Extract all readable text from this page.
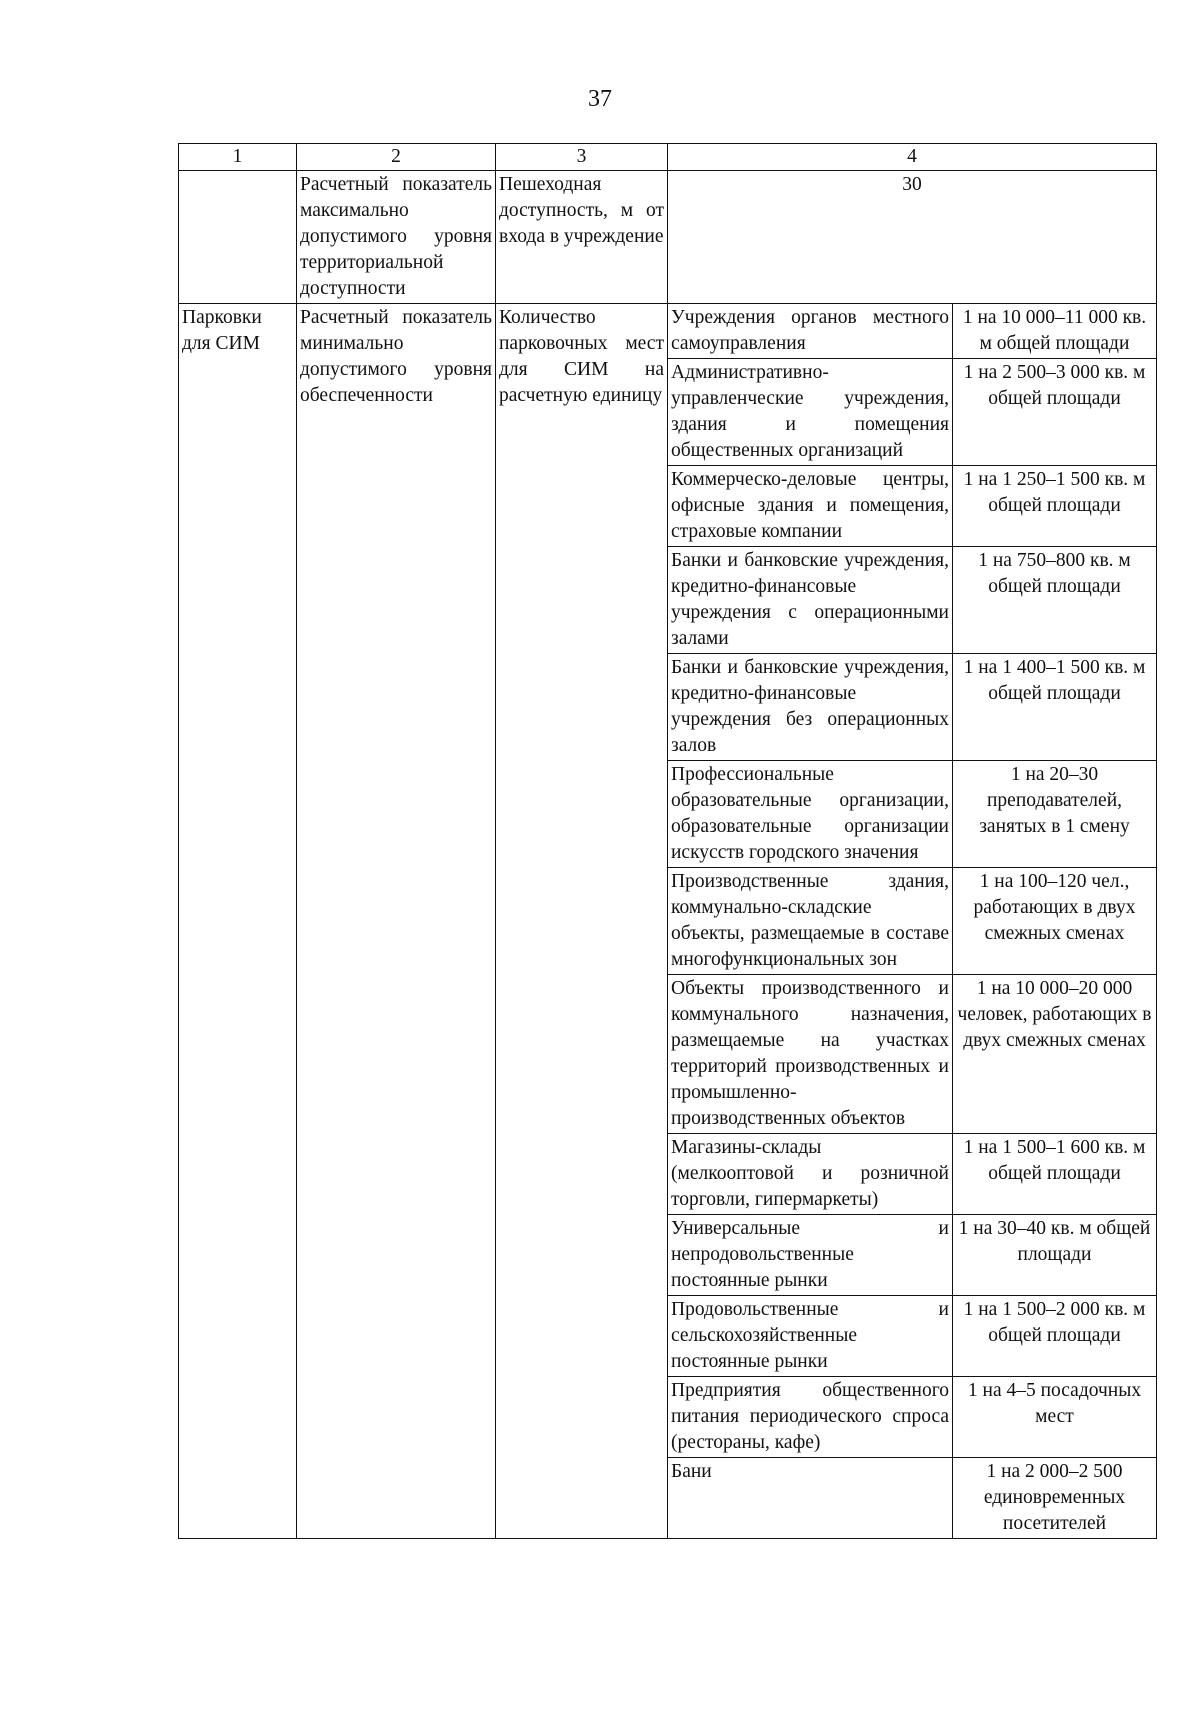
37
1	2	3	4	
	Расчетный показатель максимально допустимого уровня территориальной доступности	Пешеходная доступность, м от входа в учреждение	30	
Парковки для СИМ	Расчетный показатель минимально допустимого уровня обеспеченности	Количество парковочных мест для СИМ на расчетную единицу	Учреждения органов местного самоуправления	1 на 10 000–11 000 кв. м общей площади
			Административно-управленческие учреждения, здания и помещения общественных организаций	1 на 2 500–3 000 кв. м общей площади
			Коммерческо-деловые центры, офисные здания и помещения, страховые компании	1 на 1 250–1 500 кв. м общей площади
			Банки и банковские учреждения, кредитно-финансовые учреждения с операционными залами	1 на 750–800 кв. м общей площади
			Банки и банковские учреждения, кредитно-финансовые учреждения без операционных залов	1 на 1 400–1 500 кв. м общей площади
			Профессиональные образовательные организации, образовательные организации искусств городского значения	1 на 20–30 преподавателей, занятых в 1 смену
			Производственные здания, коммунально-складские объекты, размещаемые в составе многофункциональных зон	1 на 100–120 чел., работающих в двух смежных сменах
			Объекты производственного и коммунального назначения, размещаемые на участках территорий производственных и промышленно-производственных объектов	1 на 10 000–20 000 человек, работающих в двух смежных сменах
			Магазины-склады (мелкооптовой и розничной торговли, гипермаркеты)	1 на 1 500–1 600 кв. м общей площади
			Универсальные и непродовольственные постоянные рынки	1 на 30–40 кв. м общей площади
			Продовольственные и сельскохозяйственные постоянные рынки	1 на 1 500–2 000 кв. м общей площади
			Предприятия общественного питания периодического спроса (рестораны, кафе)	1 на 4–5 посадочных мест
			Бани	1 на 2 000–2 500 единовременных посетителей
